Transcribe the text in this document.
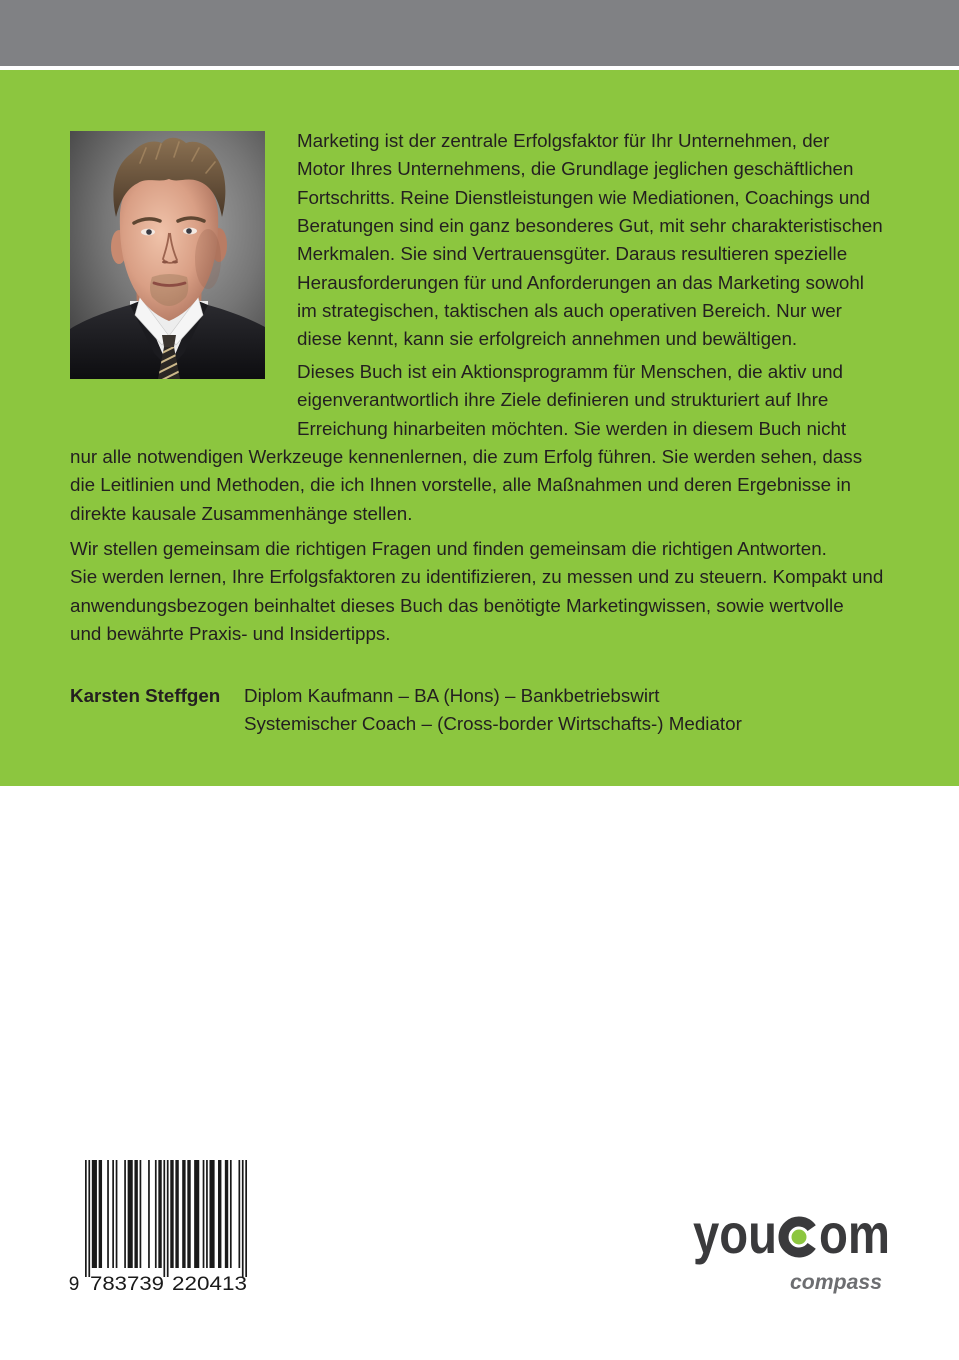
Marketing ist der zentrale Erfolgsfaktor für Ihr Unternehmen, der
Motor Ihres Unternehmens, die Grundlage jeglichen geschäftlichen
Fortschritts. Reine Dienstleistungen wie Mediationen, Coachings und
Beratungen sind ein ganz besonderes Gut, mit sehr charakteristischen
Merkmalen. Sie sind Vertrauensgüter. Daraus resultieren spezielle
Herausforderungen für und Anforderungen an das Marketing sowohl
im strategischen, taktischen als auch operativen Bereich. Nur wer
diese kennt, kann sie erfolgreich annehmen und bewältigen.
Dieses Buch ist ein Aktionsprogramm für Menschen, die aktiv und
eigenverantwortlich ihre Ziele definieren und strukturiert auf Ihre
Erreichung hinarbeiten möchten. Sie werden in diesem Buch nicht
nur alle notwendigen Werkzeuge kennenlernen, die zum Erfolg führen. Sie werden sehen, dass
die Leitlinien und Methoden, die ich Ihnen vorstelle, alle Maßnahmen und deren Ergebnisse in
direkte kausale Zusammenhänge stellen.
Wir stellen gemeinsam die richtigen Fragen und finden gemeinsam die richtigen Antworten.
Sie werden lernen, Ihre Erfolgsfaktoren zu identifizieren, zu messen und zu steuern. Kompakt und
anwendungsbezogen beinhaltet dieses Buch das benötigte Marketingwissen, sowie wertvolle
und bewährte Praxis- und Insidertipps.
Karsten Steffgen Diplom Kaufmann – BA (Hons) – Bankbetriebswirt
Systemischer Coach – (Cross-border Wirtschafts-) Mediator
9 783739 220413
you om
compass
